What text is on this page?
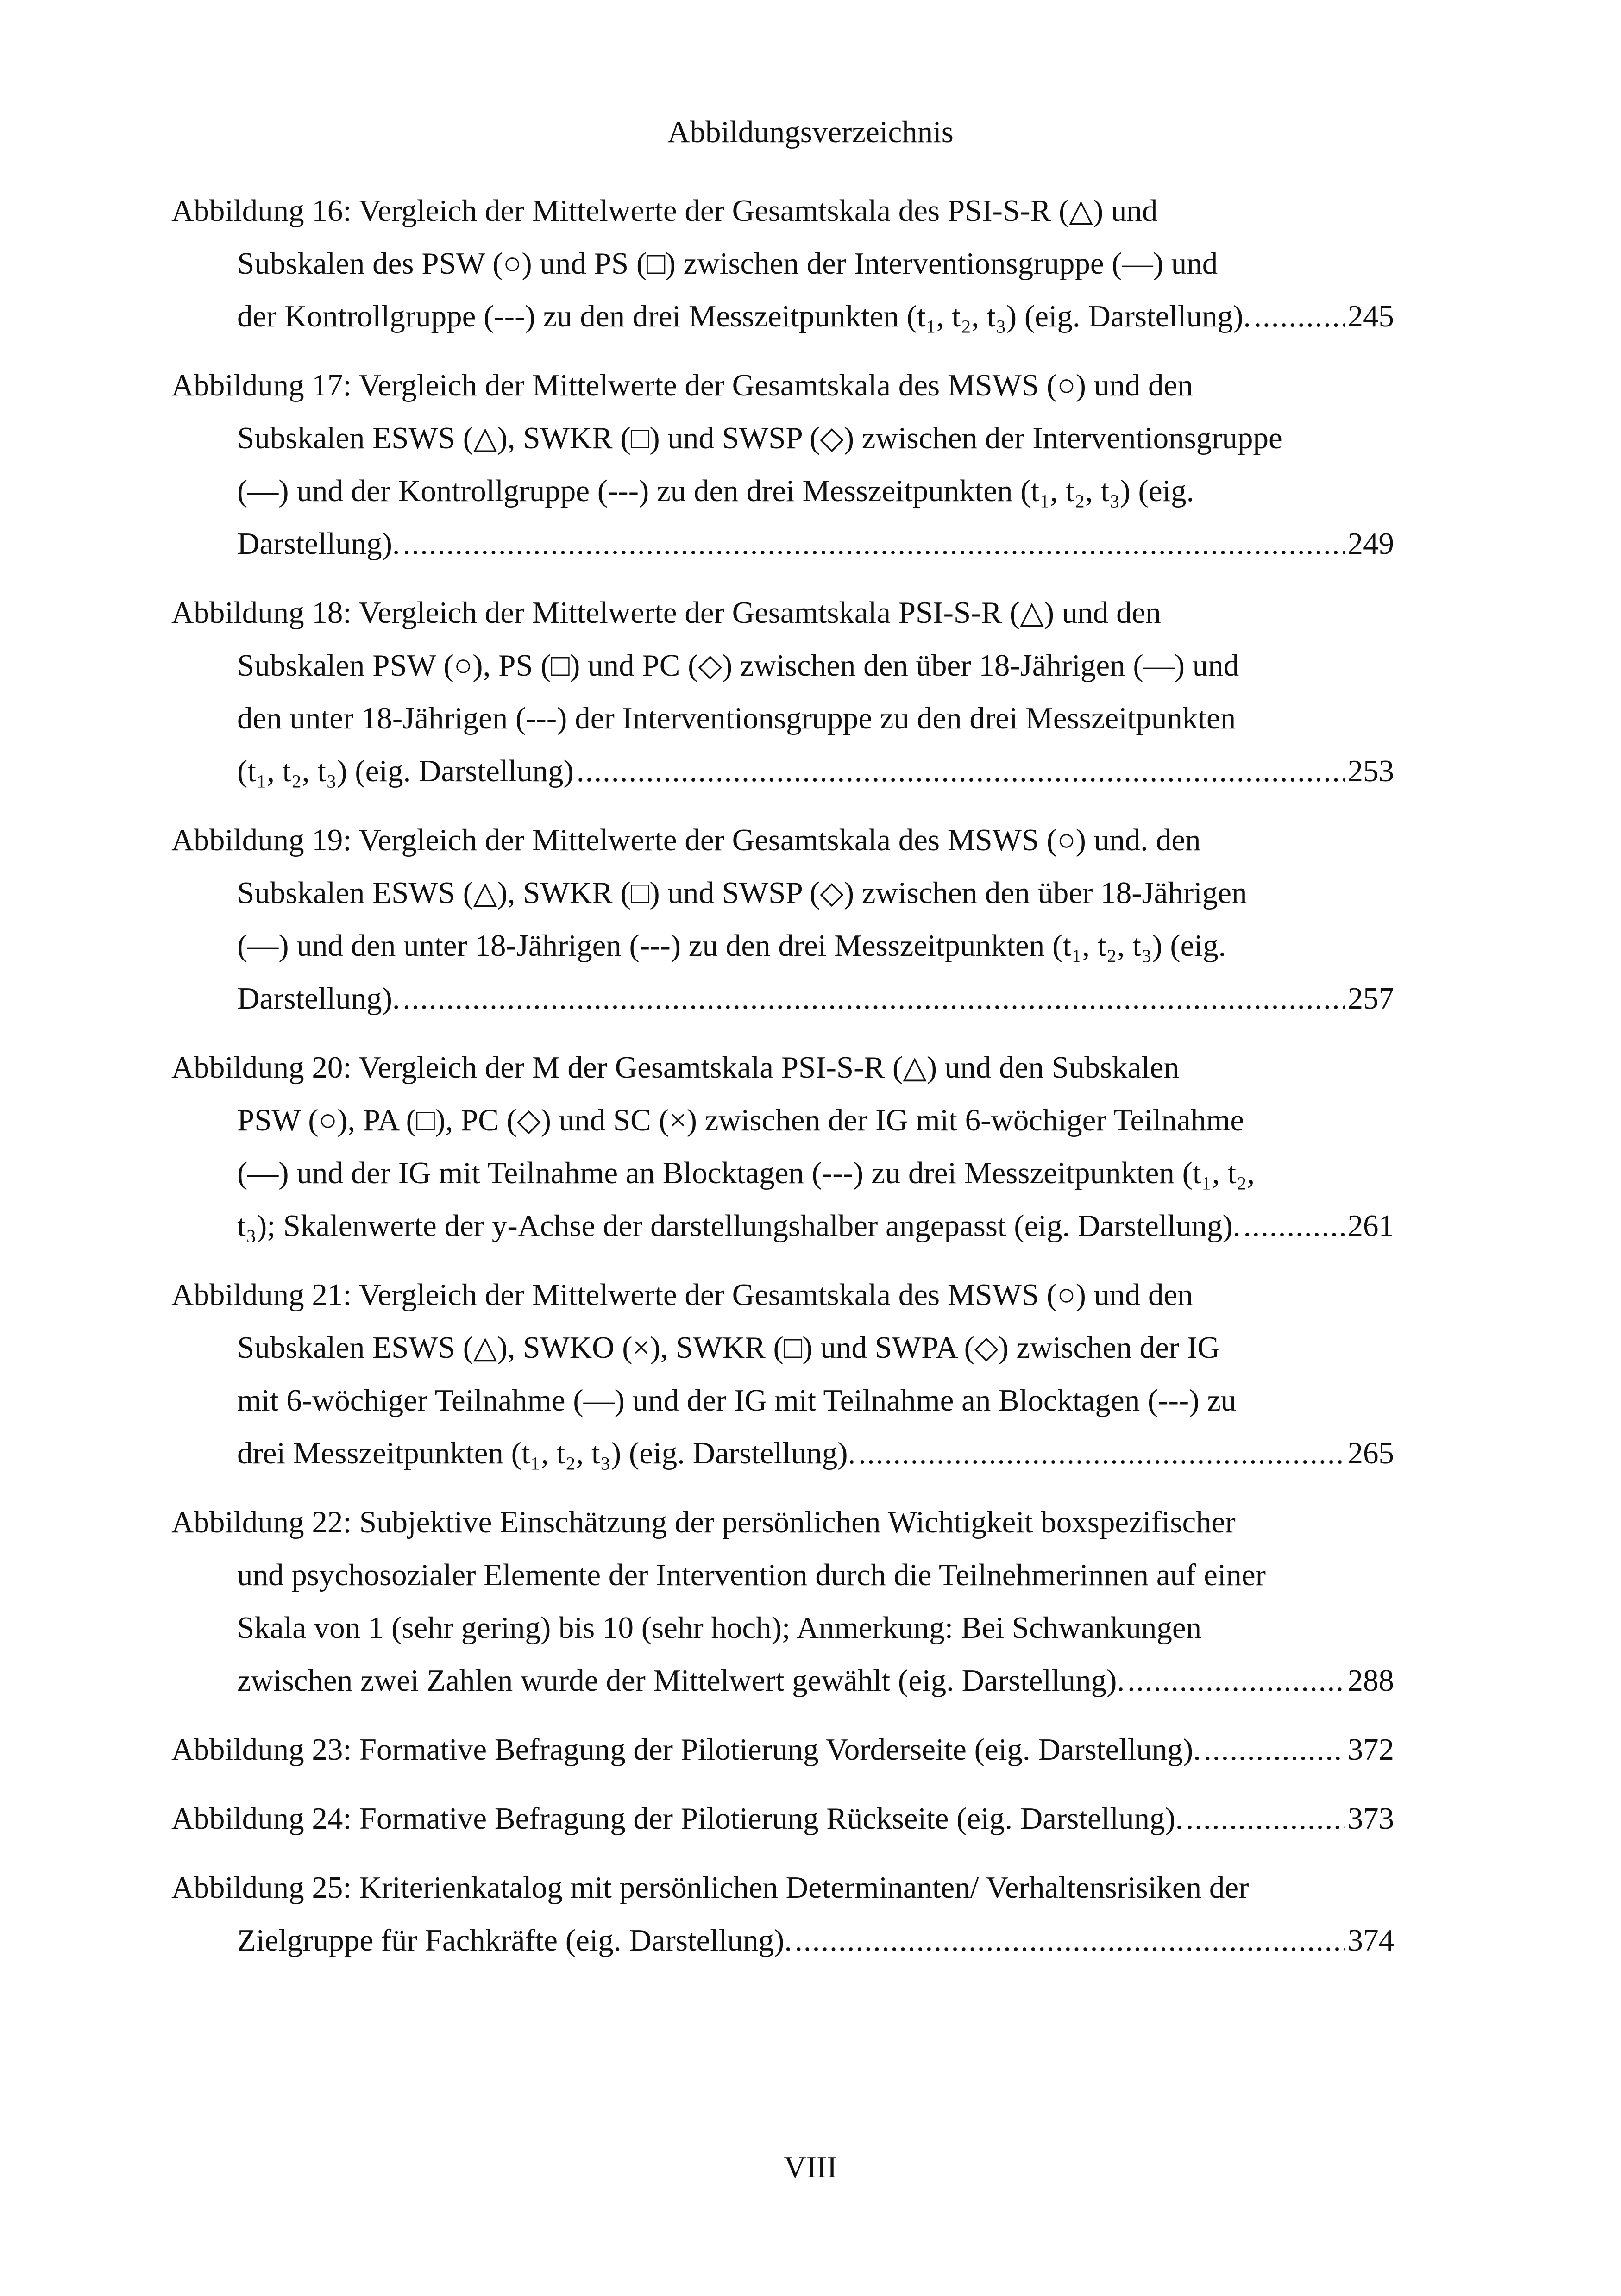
Abbildungsverzeichnis
Abbildung 16: Vergleich der Mittelwerte der Gesamtskala des PSI-S-R (△) und
Subskalen des PSW (○) und PS (□) zwischen der Interventionsgruppe (—) und
der Kontrollgruppe (---) zu den drei Messzeitpunkten (t₁, t₂, t₃) (eig. Darstellung). .....	245
Abbildung 17: Vergleich der Mittelwerte der Gesamtskala des MSWS (○) und den
Subskalen ESWS (△), SWKR (□) und SWSP (◇) zwischen der Interventionsgruppe
(—) und der Kontrollgruppe (---) zu den drei Messzeitpunkten (t₁, t₂, t₃) (eig.
Darstellung). .....	249
Abbildung 18: Vergleich der Mittelwerte der Gesamtskala PSI-S-R (△) und den
Subskalen PSW (○), PS (□) und PC (◇) zwischen den über 18-Jährigen (—) und
den unter 18-Jährigen (---) der Interventionsgruppe zu den drei Messzeitpunkten
(t₁, t₂, t₃) (eig. Darstellung) .....	253
Abbildung 19: Vergleich der Mittelwerte der Gesamtskala des MSWS (○) und. den
Subskalen ESWS (△), SWKR (□) und SWSP (◇) zwischen den über 18-Jährigen
(—) und den unter 18-Jährigen (---) zu den drei Messzeitpunkten (t₁, t₂, t₃) (eig.
Darstellung). .....	257
Abbildung 20: Vergleich der M der Gesamtskala PSI-S-R (△) und den Subskalen
PSW (○), PA (□), PC (◇) und SC (×) zwischen der IG mit 6-wöchiger Teilnahme
(—) und der IG mit Teilnahme an Blocktagen (---) zu drei Messzeitpunkten (t₁, t₂,
t₃); Skalenwerte der y-Achse der darstellungshalber angepasst (eig. Darstellung). .....	261
Abbildung 21: Vergleich der Mittelwerte der Gesamtskala des MSWS (○) und den
Subskalen ESWS (△), SWKO (×), SWKR (□) und SWPA (◇) zwischen der IG
mit 6-wöchiger Teilnahme (—) und der IG mit Teilnahme an Blocktagen (---) zu
drei Messzeitpunkten (t₁, t₂, t₃) (eig. Darstellung). .....	265
Abbildung 22: Subjektive Einschätzung der persönlichen Wichtigkeit boxspezifischer
und psychosozialer Elemente der Intervention durch die Teilnehmerinnen auf einer
Skala von 1 (sehr gering) bis 10 (sehr hoch); Anmerkung: Bei Schwankungen
zwischen zwei Zahlen wurde der Mittelwert gewählt (eig. Darstellung). .....	288
Abbildung 23: Formative Befragung der Pilotierung Vorderseite (eig. Darstellung). .....	372
Abbildung 24: Formative Befragung der Pilotierung Rückseite (eig. Darstellung). .....	373
Abbildung 25: Kriterienkatalog mit persönlichen Determinanten/ Verhaltensrisiken der
Zielgruppe für Fachkräfte (eig. Darstellung). .....	374
VIII
